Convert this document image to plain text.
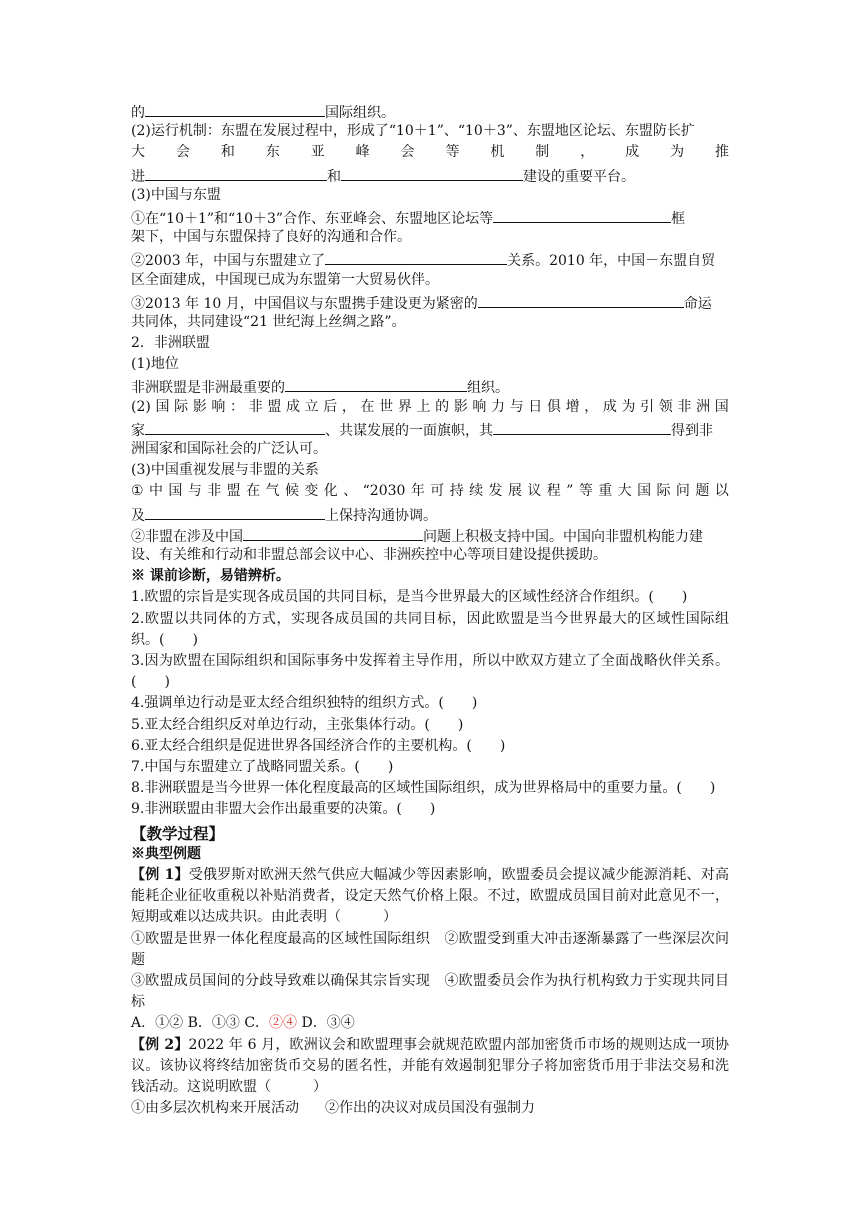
的	国际组织。
(2)运行机制：东盟在发展过程中，形成了“10＋1”、“10＋3”、东盟地区论坛、东盟防长扩
大 会 和 东 亚 峰 会 等 机 制 ， 成 为 推
进	和	建设的重要平台。
(3)中国与东盟
①在“10＋1”和“10＋3”合作、东亚峰会、东盟地区论坛等	框
架下，中国与东盟保持了良好的沟通和合作。
②2003 年，中国与东盟建立了	关系。2010 年，中国－东盟自贸
区全面建成，中国现已成为东盟第一大贸易伙伴。
③2013 年 10 月，中国倡议与东盟携手建设更为紧密的	命运
共同体，共同建设“21 世纪海上丝绸之路”。
2．非洲联盟
(1)地位
非洲联盟是非洲最重要的	组织。
(2) 国 际 影 响 ： 非 盟 成 立 后 ， 在 世 界 上 的 影 响 力 与 日 俱 增 ， 成 为 引 领 非 洲 国
家	、共谋发展的一面旗帜，其	得到非
洲国家和国际社会的广泛认可。
(3)中国重视发展与非盟的关系
① 中 国 与 非 盟 在 气 候 变 化 、 “2030 年 可 持 续 发 展 议 程 ” 等 重 大 国 际 问 题 以
及	上保持沟通协调。
②非盟在涉及中国	问题上积极支持中国。中国向非盟机构能力建
设、有关维和行动和非盟总部会议中心、非洲疾控中心等项目建设提供援助。
※ 课前诊断，易错辨析。
1.欧盟的宗旨是实现各成员国的共同目标，是当今世界最大的区域性经济合作组织。(　　)
2.欧盟以共同体的方式，实现各成员国的共同目标，因此欧盟是当今世界最大的区域性国际组织。(　　)
3.因为欧盟在国际组织和国际事务中发挥着主导作用，所以中欧双方建立了全面战略伙伴关系。(　　)
4.强调单边行动是亚太经合组织独特的组织方式。(　　)
5.亚太经合组织反对单边行动，主张集体行动。(　　)
6.亚太经合组织是促进世界各国经济合作的主要机构。(　　)
7.中国与东盟建立了战略同盟关系。(　　)
8.非洲联盟是当今世界一体化程度最高的区域性国际组织，成为世界格局中的重要力量。(　　)
9.非洲联盟由非盟大会作出最重要的决策。(　　)
【教学过程】
※典型例题
【例 1】受俄罗斯对欧洲天然气供应大幅减少等因素影响，欧盟委员会提议减少能源消耗、对高能耗企业征收重税以补贴消费者，设定天然气价格上限。不过，欧盟成员国目前对此意见不一，短期或难以达成共识。由此表明（　　　）
①欧盟是世界一体化程度最高的区域性国际组织　②欧盟受到重大冲击逐渐暴露了一些深层次问题
③欧盟成员国间的分歧导致难以确保其宗旨实现　④欧盟委员会作为执行机构致力于实现共同目标
A．①② B．①③ C．②④ D．③④
【例 2】2022 年 6 月，欧洲议会和欧盟理事会就规范欧盟内部加密货币市场的规则达成一项协议。该协议将终结加密货币交易的匿名性，并能有效遏制犯罪分子将加密货币用于非法交易和洗钱活动。这说明欧盟（　　　）
①由多层次机构来开展活动 ②作出的决议对成员国没有强制力
